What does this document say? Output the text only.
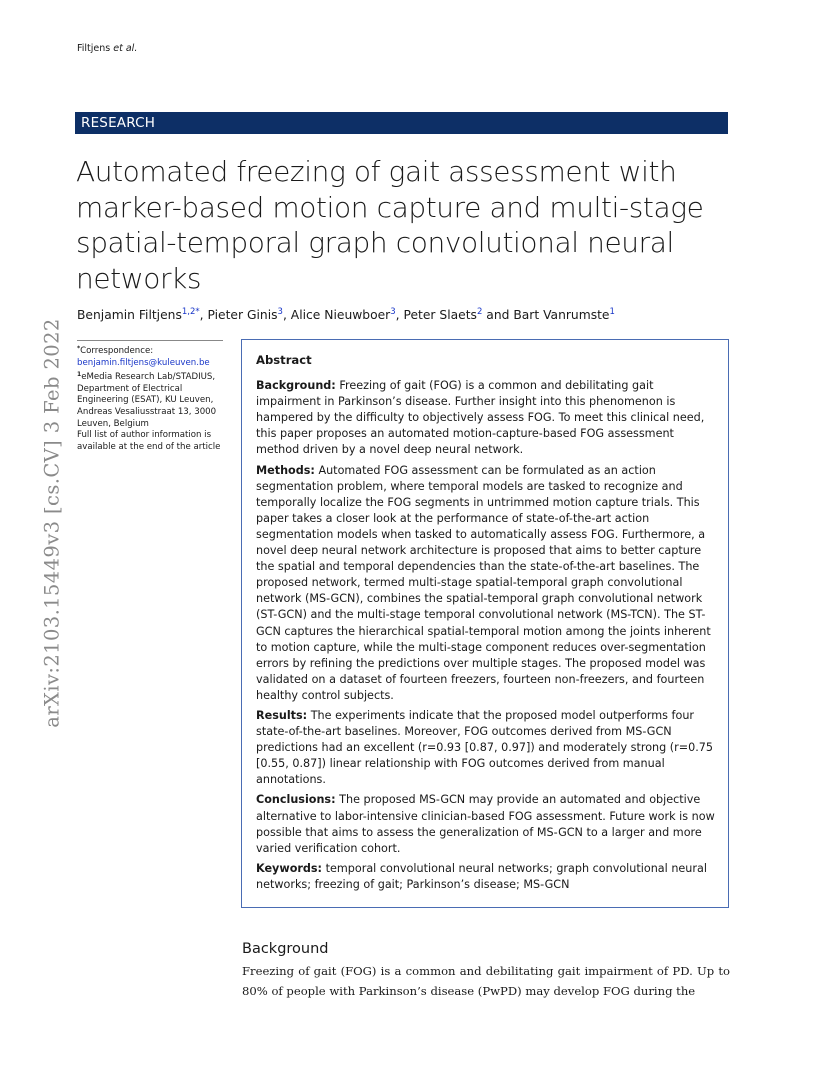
Filtjens et al.
RESEARCH
Automated freezing of gait assessment with marker-based motion capture and multi-stage spatial-temporal graph convolutional neural networks
Benjamin Filtjens$^{1,2*}$, Pieter Ginis$^3$, Alice Nieuwboer$^3$, Peter Slaets$^2$ and Bart Vanrumste$^1$
*Correspondence:
benjamin.filtjens@kuleuven.be
$^1$eMedia Research Lab/STADIUS, Department of Electrical Engineering (ESAT), KU Leuven, Andreas Vesaliusstraat 13, 3000 Leuven, Belgium
Full list of author information is available at the end of the article
arXiv:2103.15449v3 [cs.CV] 3 Feb 2022	Abstract

Background: Freezing of gait (FOG) is a common and debilitating gait impairment in Parkinson’s disease. Further insight into this phenomenon is hampered by the difficulty to objectively assess FOG. To meet this clinical need, this paper proposes an automated motion-capture-based FOG assessment method driven by a novel deep neural network.

Methods: Automated FOG assessment can be formulated as an action segmentation problem, where temporal models are tasked to recognize and temporally localize the FOG segments in untrimmed motion capture trials. This paper takes a closer look at the performance of state-of-the-art action segmentation models when tasked to automatically assess FOG. Furthermore, a novel deep neural network architecture is proposed that aims to better capture the spatial and temporal dependencies than the state-of-the-art baselines. The proposed network, termed multi-stage spatial-temporal graph convolutional network (MS-GCN), combines the spatial-temporal graph convolutional network (ST-GCN) and the multi-stage temporal convolutional network (MS-TCN). The ST-GCN captures the hierarchical spatial-temporal motion among the joints inherent to motion capture, while the multi-stage component reduces over-segmentation errors by refining the predictions over multiple stages. The proposed model was validated on a dataset of fourteen freezers, fourteen non-freezers, and fourteen healthy control subjects.

Results: The experiments indicate that the proposed model outperforms four state-of-the-art baselines. Moreover, FOG outcomes derived from MS-GCN predictions had an excellent (r=0.93 [0.87, 0.97]) and moderately strong (r=0.75 [0.55, 0.87]) linear relationship with FOG outcomes derived from manual annotations.

Conclusions: The proposed MS-GCN may provide an automated and objective alternative to labor-intensive clinician-based FOG assessment. Future work is now possible that aims to assess the generalization of MS-GCN to a larger and more varied verification cohort.

Keywords: temporal convolutional neural networks; graph convolutional neural networks; freezing of gait; Parkinson’s disease; MS-GCN

Background

Freezing of gait (FOG) is a common and debilitating gait impairment of PD. Up to 80% of people with Parkinson’s disease (PwPD) may develop FOG during the
